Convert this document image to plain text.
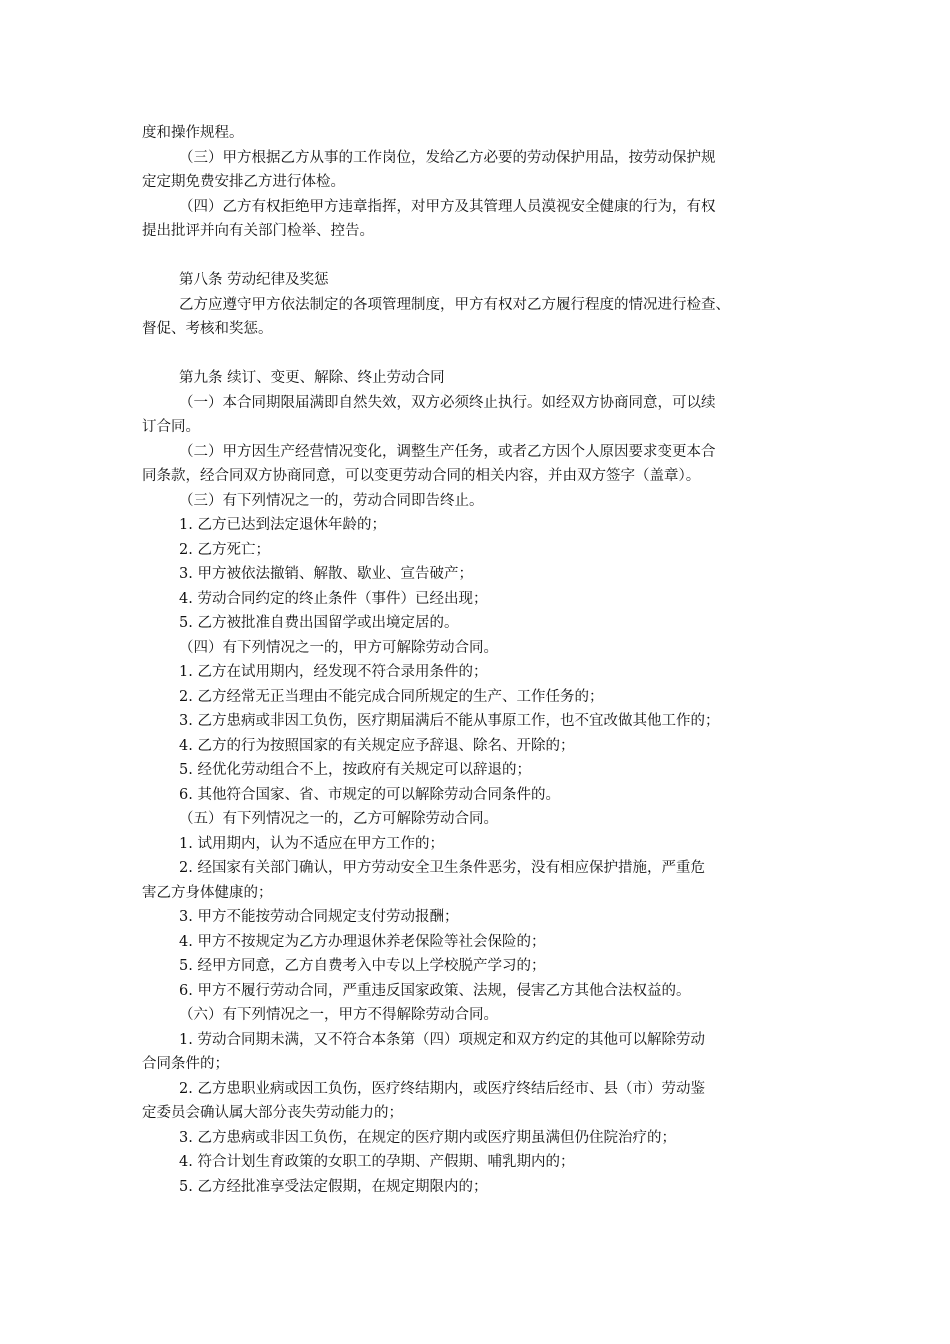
度和操作规程。
（三）甲方根据乙方从事的工作岗位，发给乙方必要的劳动保护用品，按劳动保护规
定定期免费安排乙方进行体检。
（四）乙方有权拒绝甲方违章指挥，对甲方及其管理人员漠视安全健康的行为，有权
提出批评并向有关部门检举、控告。
第八条 劳动纪律及奖惩
乙方应遵守甲方依法制定的各项管理制度，甲方有权对乙方履行程度的情况进行检查、
督促、考核和奖惩。
第九条 续订、变更、解除、终止劳动合同
（一）本合同期限届满即自然失效，双方必须终止执行。如经双方协商同意，可以续
订合同。
（二）甲方因生产经营情况变化，调整生产任务，或者乙方因个人原因要求变更本合
同条款，经合同双方协商同意，可以变更劳动合同的相关内容，并由双方签字（盖章）。
（三）有下列情况之一的，劳动合同即告终止。
1. 乙方已达到法定退休年龄的；
2. 乙方死亡；
3. 甲方被依法撤销、解散、歇业、宣告破产；
4. 劳动合同约定的终止条件（事件）已经出现；
5. 乙方被批准自费出国留学或出境定居的。
（四）有下列情况之一的，甲方可解除劳动合同。
1. 乙方在试用期内，经发现不符合录用条件的；
2. 乙方经常无正当理由不能完成合同所规定的生产、工作任务的；
3. 乙方患病或非因工负伤，医疗期届满后不能从事原工作，也不宜改做其他工作的；
4. 乙方的行为按照国家的有关规定应予辞退、除名、开除的；
5. 经优化劳动组合不上，按政府有关规定可以辞退的；
6. 其他符合国家、省、市规定的可以解除劳动合同条件的。
（五）有下列情况之一的，乙方可解除劳动合同。
1. 试用期内，认为不适应在甲方工作的；
2. 经国家有关部门确认，甲方劳动安全卫生条件恶劣，没有相应保护措施，严重危
害乙方身体健康的；
3. 甲方不能按劳动合同规定支付劳动报酬；
4. 甲方不按规定为乙方办理退休养老保险等社会保险的；
5. 经甲方同意，乙方自费考入中专以上学校脱产学习的；
6. 甲方不履行劳动合同，严重违反国家政策、法规，侵害乙方其他合法权益的。
（六）有下列情况之一，甲方不得解除劳动合同。
1. 劳动合同期未满，又不符合本条第（四）项规定和双方约定的其他可以解除劳动
合同条件的；
2. 乙方患职业病或因工负伤，医疗终结期内，或医疗终结后经市、县（市）劳动鉴
定委员会确认属大部分丧失劳动能力的；
3. 乙方患病或非因工负伤，在规定的医疗期内或医疗期虽满但仍住院治疗的；
4. 符合计划生育政策的女职工的孕期、产假期、哺乳期内的；
5. 乙方经批准享受法定假期，在规定期限内的；
